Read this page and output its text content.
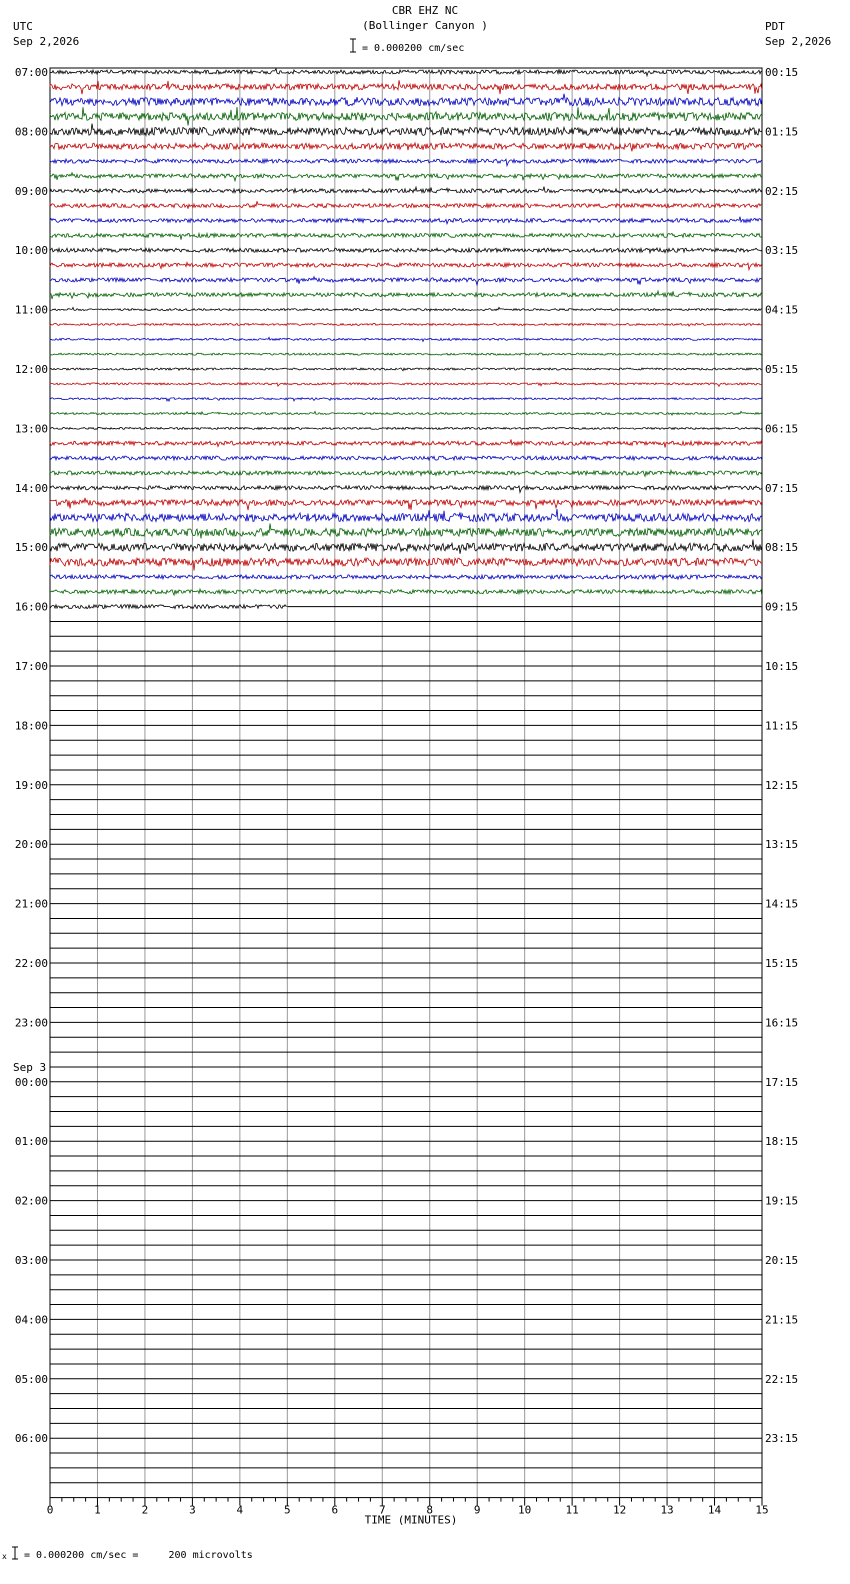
CBR EHZ NC
(Bollinger Canyon )
= 0.000200 cm/sec
UTC
Sep 2,2026
PDT
Sep 2,2026
07:00
08:00
09:00
10:00
11:00
12:00
13:00
14:00
15:00
16:00
17:00
18:00
19:00
20:00
21:00
22:00
23:00
00:00
01:00
02:00
03:00
04:00
05:00
06:00
00:15
01:15
02:15
03:15
04:15
05:15
06:15
07:15
08:15
09:15
10:15
11:15
12:15
13:15
14:15
15:15
16:15
17:15
18:15
19:15
20:15
21:15
22:15
23:15
Sep 3
0	1	2	3	4	5	6	7	8	9	10	11	12	13	14	15
TIME (MINUTES)
x = 0.000200 cm/sec =     200 microvolts
